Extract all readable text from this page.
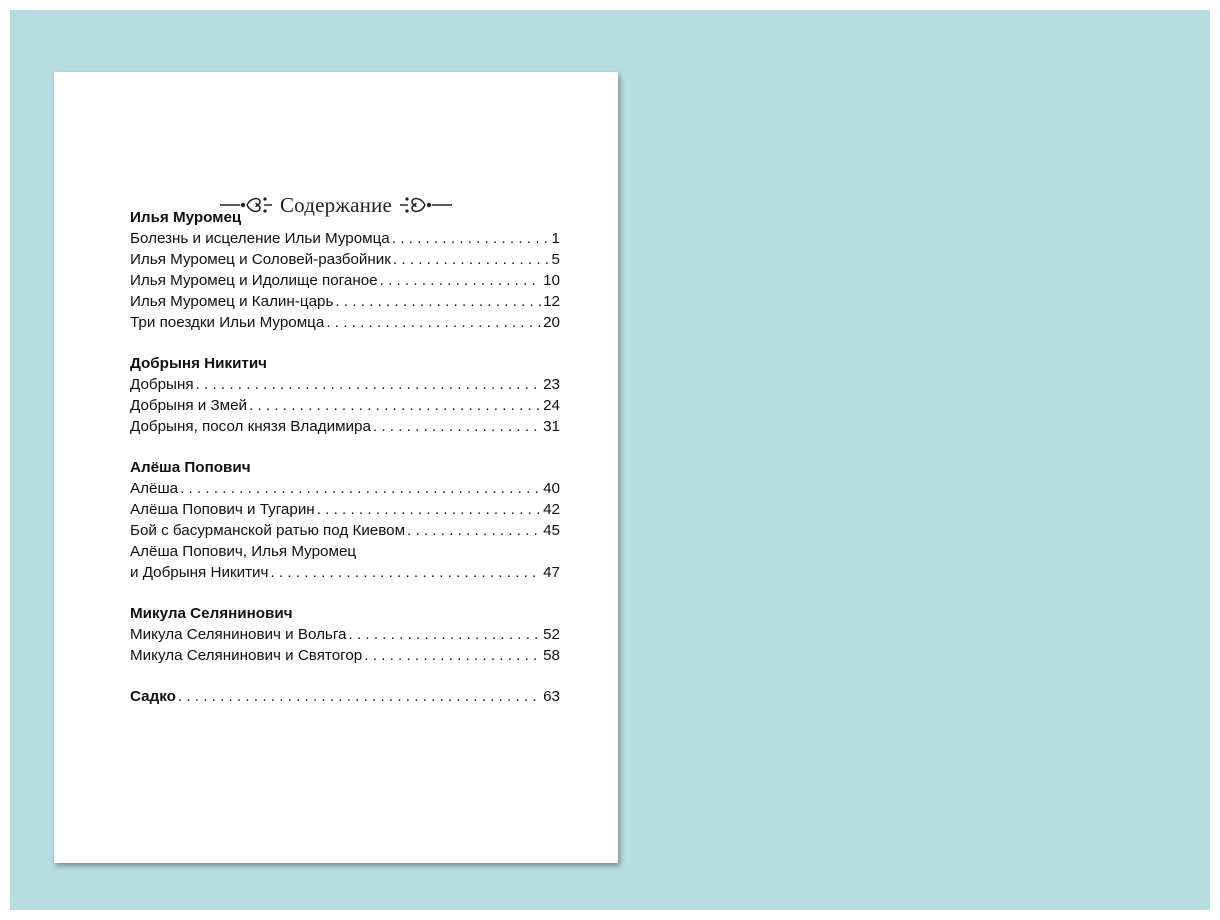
Содержание
Илья Муромец
Болезнь и исцеление Ильи Муромца . . .	1
Илья Муромец и Соловей-разбойник . . .	5
Илья Муромец и Идолище поганое . . .	10
Илья Муромец и Калин-царь . . .	12
Три поездки Ильи Муромца . . .	20
Добрыня Никитич
Добрыня . . .	23
Добрыня и Змей . . .	24
Добрыня, посол князя Владимира . . .	31
Алёша Попович
Алёша . . .	40
Алёша Попович и Тугарин . . .	42
Бой с басурманской ратью под Киевом . . .	45
Алёша Попович, Илья Муромец
и Добрыня Никитич . . .	47
Микула Селянинович
Микула Селянинович и Вольга . . .	52
Микула Селянинович и Святогор . . .	58
Садко . . .	63
